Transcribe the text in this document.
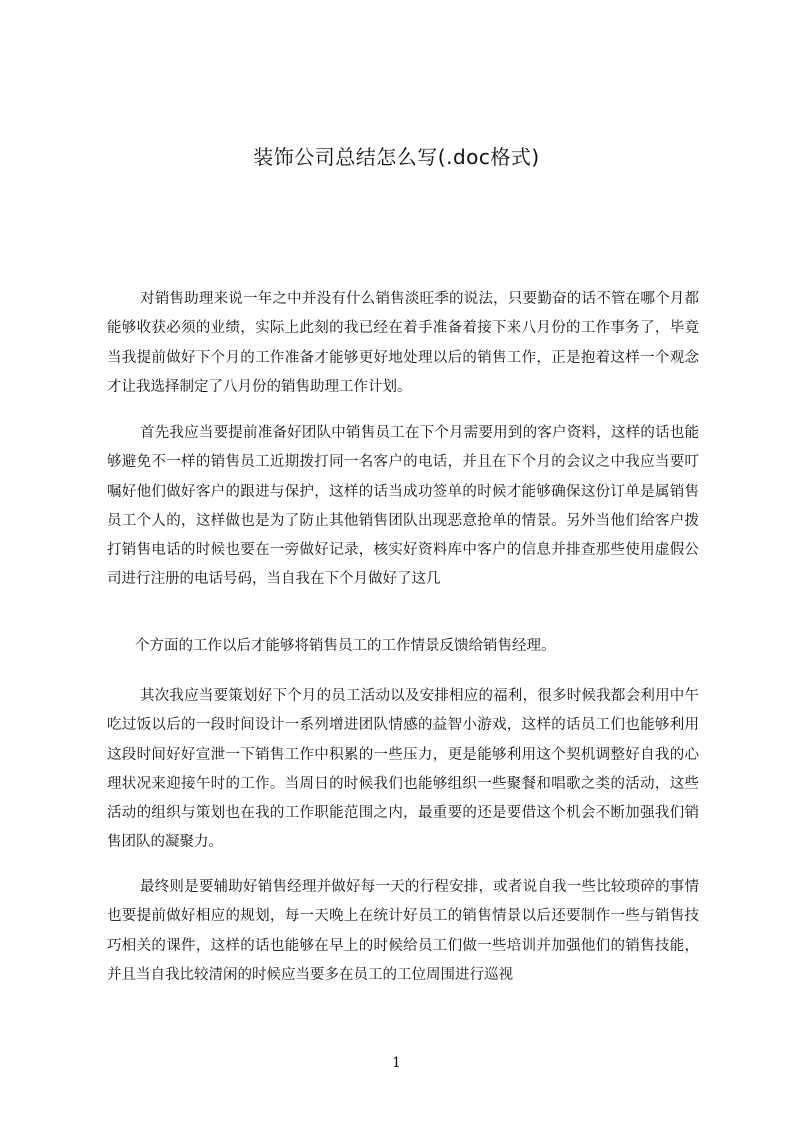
装饰公司总结怎么写(.doc格式)

对销售助理来说一年之中并没有什么销售淡旺季的说法，只要勤奋的话不管在哪个月都能够收获必须的业绩，实际上此刻的我已经在着手准备着接下来八月份的工作事务了，毕竟当我提前做好下个月的工作准备才能够更好地处理以后的销售工作，正是抱着这样一个观念才让我选择制定了八月份的销售助理工作计划。

首先我应当要提前准备好团队中销售员工在下个月需要用到的客户资料，这样的话也能够避免不一样的销售员工近期拨打同一名客户的电话，并且在下个月的会议之中我应当要叮嘱好他们做好客户的跟进与保护，这样的话当成功签单的时候才能够确保这份订单是属销售员工个人的，这样做也是为了防止其他销售团队出现恶意抢单的情景。另外当他们给客户拨打销售电话的时候也要在一旁做好记录，核实好资料库中客户的信息并排查那些使用虚假公司进行注册的电话号码，当自我在下个月做好了这几

个方面的工作以后才能够将销售员工的工作情景反馈给销售经理。

其次我应当要策划好下个月的员工活动以及安排相应的福利，很多时候我都会利用中午吃过饭以后的一段时间设计一系列增进团队情感的益智小游戏，这样的话员工们也能够利用这段时间好好宣泄一下销售工作中积累的一些压力，更是能够利用这个契机调整好自我的心理状况来迎接午时的工作。当周日的时候我们也能够组织一些聚餐和唱歌之类的活动，这些活动的组织与策划也在我的工作职能范围之内，最重要的还是要借这个机会不断加强我们销售团队的凝聚力。

最终则是要辅助好销售经理并做好每一天的行程安排，或者说自我一些比较琐碎的事情也要提前做好相应的规划，每一天晚上在统计好员工的销售情景以后还要制作一些与销售技巧相关的课件，这样的话也能够在早上的时候给员工们做一些培训并加强他们的销售技能，并且当自我比较清闲的时候应当要多在员工的工位周围进行巡视

1
